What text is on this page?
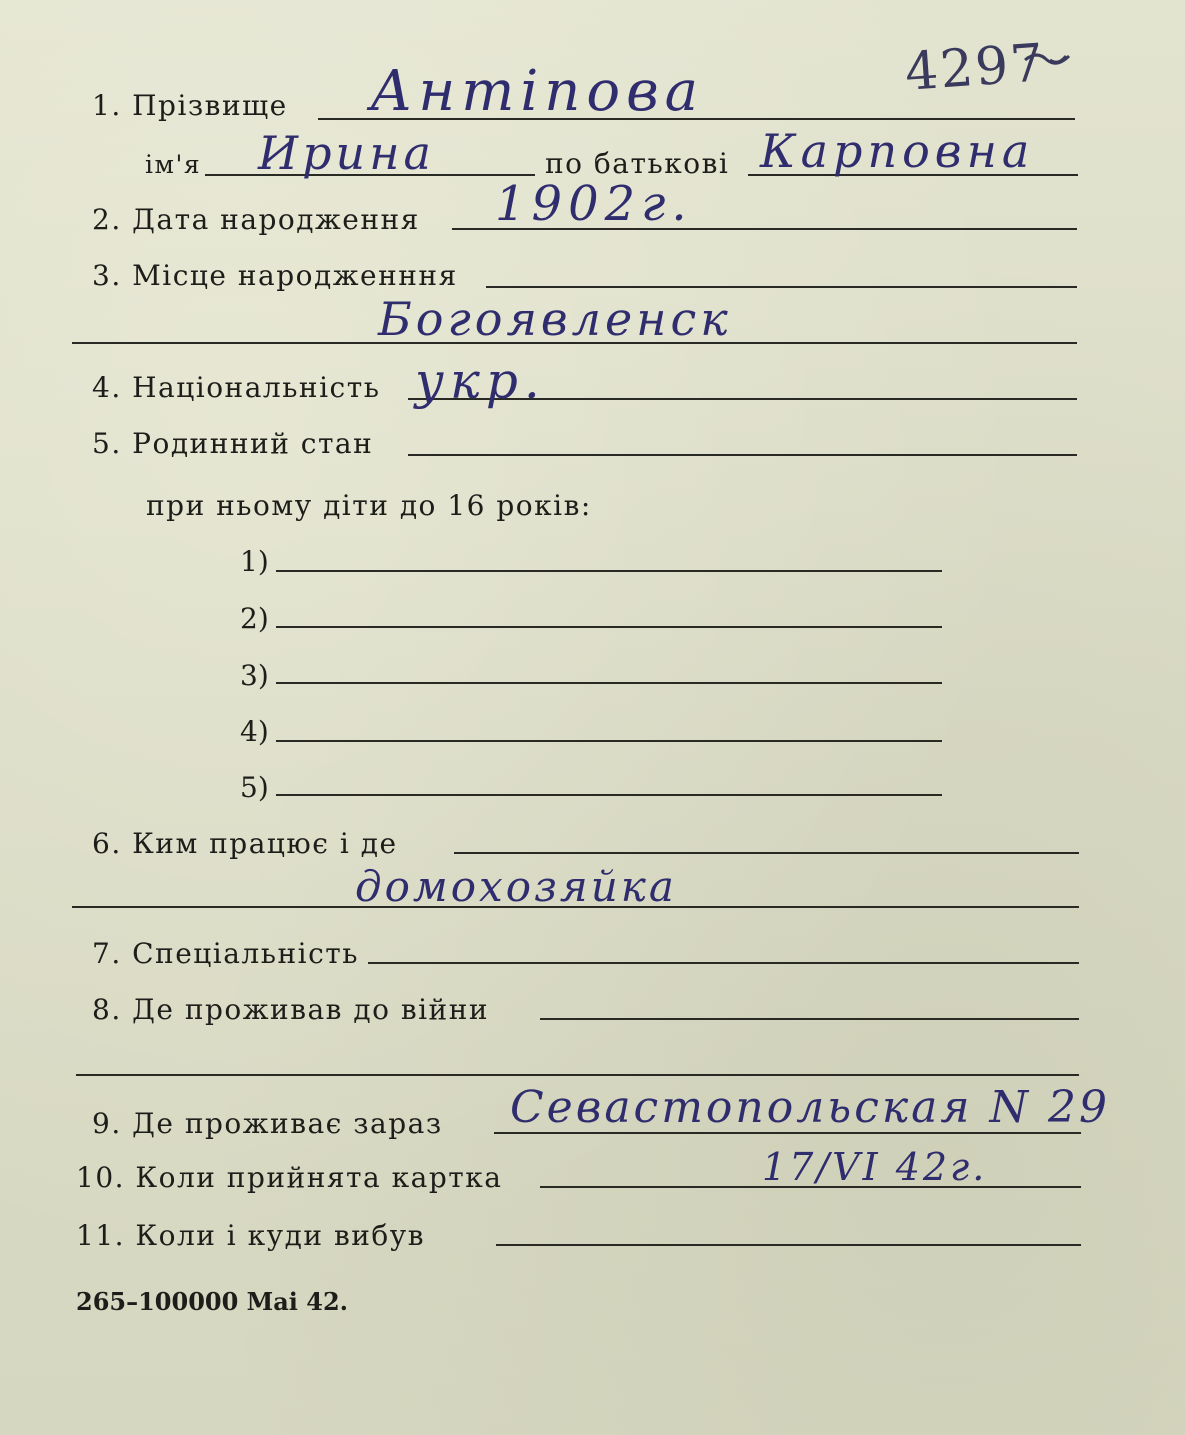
4297
1. Прізвище Антіпова
ім'я Ирина	по батькові Карповна
2. Дата народження 1902г.
3. Місце народженння
Богоявленск
4. Національність укр.
5. Родинний стан
при ньому діти до 16 років:
1)
2)
3)
4)
5)
6. Ким працює і де
домохозяйка
7. Спеціальність
8. Де проживав до війни
9. Де проживає зараз Севастопольская N 29
10. Коли прийнята картка	17/VI 42г.
11. Коли і куди вибув
265–100000 Mai 42.
